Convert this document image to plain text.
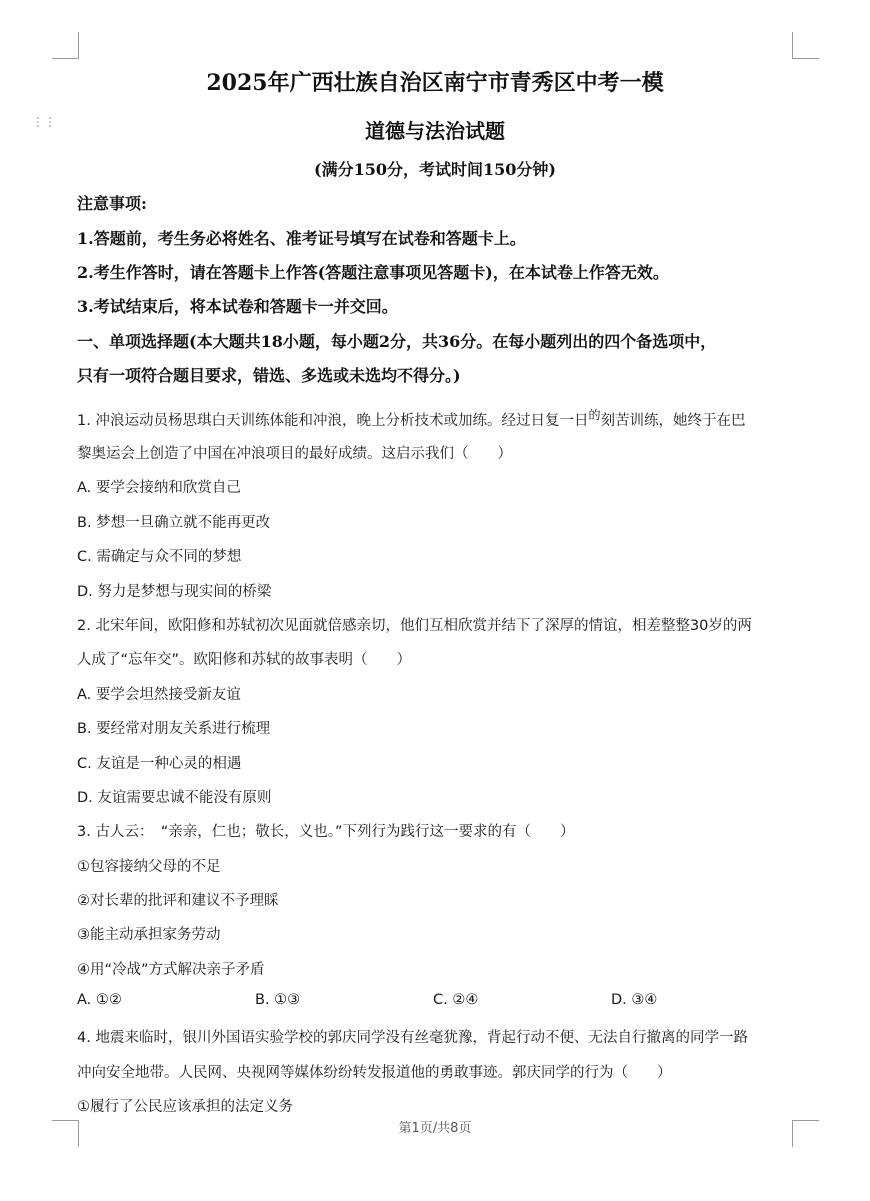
⋮⋮
2025年广西壮族自治区南宁市青秀区中考一模
道德与法治试题
(满分150分，考试时间150分钟)
注意事项:
1.答题前，考生务必将姓名、准考证号填写在试卷和答题卡上。
2.考生作答时，请在答题卡上作答(答题注意事项见答题卡)，在本试卷上作答无效。
3.考试结束后，将本试卷和答题卡一并交回。
一、单项选择题(本大题共18小题，每小题2分，共36分。在每小题列出的四个备选项中，
只有一项符合题目要求，错选、多选或未选均不得分。)
1. 冲浪运动员杨思琪白天训练体能和冲浪，晚上分析技术或加练。经过日复一日$^的$刻苦训练，她终于在巴
黎奥运会上创造了中国在冲浪项目的最好成绩。这启示我们（　　）
A. 要学会接纳和欣赏自己
B. 梦想一旦确立就不能再更改
C. 需确定与众不同的梦想
D. 努力是梦想与现实间的桥梁
2. 北宋年间，欧阳修和苏轼初次见面就倍感亲切，他们互相欣赏并结下了深厚的情谊，相差整整30岁的两
人成了“忘年交”。欧阳修和苏轼的故事表明（　　）
A. 要学会坦然接受新友谊
B. 要经常对朋友关系进行梳理
C. 友谊是一种心灵的相遇
D. 友谊需要忠诚不能没有原则
3. 古人云：　“亲亲，仁也；敬长，义也。”下列行为践行这一要求的有（　　）
①包容接纳父母的不足
②对长辈的批评和建议不予理睬
③能主动承担家务劳动
④用“冷战”方式解决亲子矛盾
A. ①②	B. ①③	C. ②④	D. ③④
4. 地震来临时，银川外国语实验学校的郭庆同学没有丝毫犹豫，背起行动不便、无法自行撤离的同学一路
冲向安全地带。人民网、央视网等媒体纷纷转发报道他的勇敢事迹。郭庆同学的行为（　　）
①履行了公民应该承担的法定义务
第1页/共8页
